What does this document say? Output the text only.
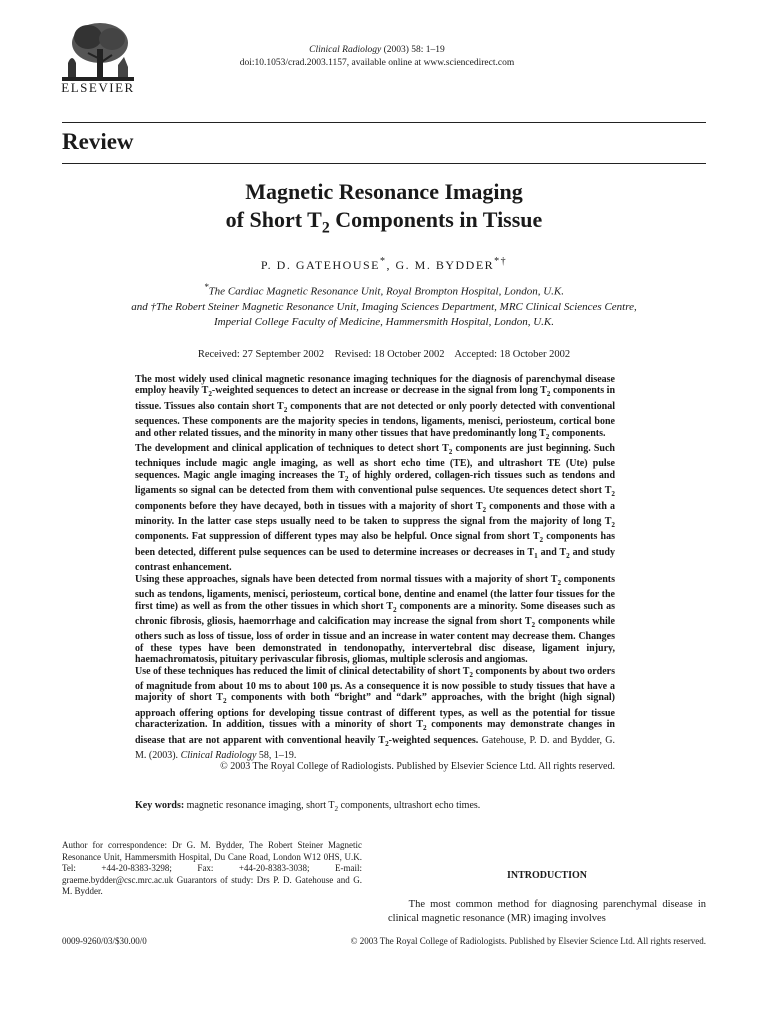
ELSEVIER
Clinical Radiology (2003) 58: 1–19
doi:10.1053/crad.2003.1157, available online at www.sciencedirect.com
Review
Magnetic Resonance Imaging
of Short $T_2$ Components in Tissue
P. D. GATEHOUSE*, G. M. BYDDER*†
*The Cardiac Magnetic Resonance Unit, Royal Brompton Hospital, London, U.K.
and †The Robert Steiner Magnetic Resonance Unit, Imaging Sciences Department, MRC Clinical Sciences Centre,
Imperial College Faculty of Medicine, Hammersmith Hospital, London, U.K.
Received: 27 September 2002    Revised: 18 October 2002    Accepted: 18 October 2002

The most widely used clinical magnetic resonance imaging techniques for the diagnosis of parenchymal disease employ heavily $T_2$-weighted sequences to detect an increase or decrease in the signal from long $T_2$ components in tissue. Tissues also contain short $T_2$ components that are not detected or only poorly detected with conventional sequences. These components are the majority species in tendons, ligaments, menisci, periosteum, cortical bone and other related tissues, and the minority in many other tissues that have predominantly long $T_2$ components.

The development and clinical application of techniques to detect short $T_2$ components are just beginning. Such techniques include magic angle imaging, as well as short echo time (TE), and ultrashort TE (Ute) pulse sequences. Magic angle imaging increases the $T_2$ of highly ordered, collagen-rich tissues such as tendons and ligaments so signal can be detected from them with conventional pulse sequences. Ute sequences detect short $T_2$ components before they have decayed, both in tissues with a majority of short $T_2$ components and those with a minority. In the latter case steps usually need to be taken to suppress the signal from the majority of long $T_2$ components. Fat suppression of different types may also be helpful. Once signal from short $T_2$ components has been detected, different pulse sequences can be used to determine increases or decreases in $T_1$ and $T_2$ and study contrast enhancement.

Using these approaches, signals have been detected from normal tissues with a majority of short $T_2$ components such as tendons, ligaments, menisci, periosteum, cortical bone, dentine and enamel (the latter four tissues for the first time) as well as from the other tissues in which short $T_2$ components are a minority. Some diseases such as chronic fibrosis, gliosis, haemorrhage and calcification may increase the signal from short $T_2$ components while others such as loss of tissue, loss of order in tissue and an increase in water content may decrease them. Changes of these types have been demonstrated in tendonopathy, intervertebral disc disease, ligament injury, haemachromatosis, pituitary perivascular fibrosis, gliomas, multiple sclerosis and angiomas.

Use of these techniques has reduced the limit of clinical detectability of short $T_2$ components by about two orders of magnitude from about 10 ms to about 100 µs. As a consequence it is now possible to study tissues that have a majority of short $T_2$ components with both “bright” and “dark” approaches, with the bright (high signal) approach offering options for developing tissue contrast of different types, as well as the potential for tissue characterization. In addition, tissues with a minority of short $T_2$ components may demonstrate changes in disease that are not apparent with conventional heavily $T_2$-weighted sequences. Gatehouse, P. D. and Bydder, G. M. (2003). Clinical Radiology 58, 1–19.

© 2003 The Royal College of Radiologists. Published by Elsevier Science Ltd. All rights reserved.

Key words: magnetic resonance imaging, short $T_2$ components, ultrashort echo times.
Author for correspondence: Dr G. M. Bydder, The Robert Steiner Magnetic Resonance Unit, Hammersmith Hospital, Du Cane Road, London W12 0HS, U.K. Tel: +44-20-8383-3298; Fax: +44-20-8383-3038; E-mail: graeme.bydder@csc.mrc.ac.uk Guarantors of study: Drs P. D. Gatehouse and G. M. Bydder.
INTRODUCTION
The most common method for diagnosing parenchymal disease in clinical magnetic resonance (MR) imaging involves
0009-9260/03/$30.00/0	© 2003 The Royal College of Radiologists. Published by Elsevier Science Ltd. All rights reserved.
